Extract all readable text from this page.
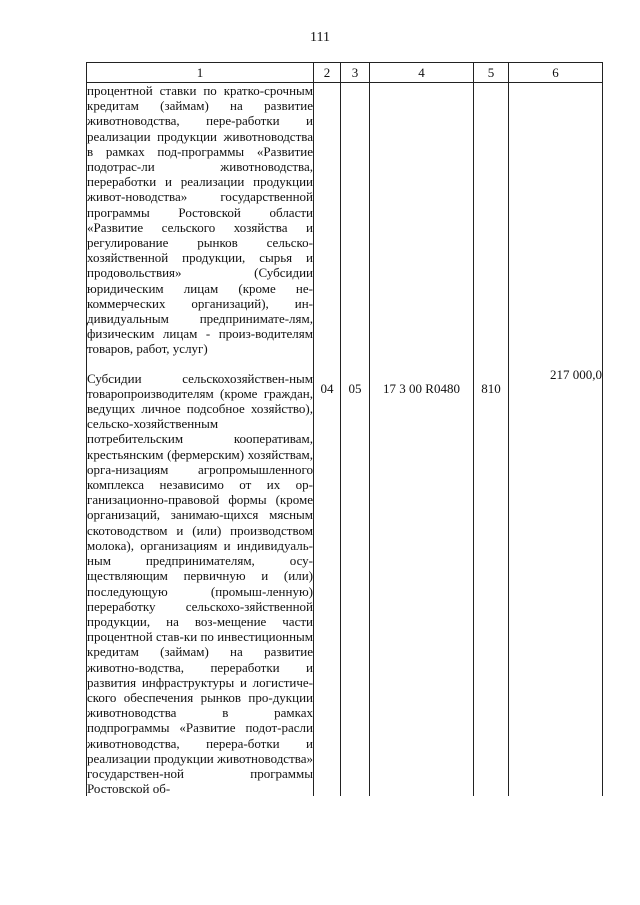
111
1	2	3	4	5	6
процентной ставки по кратко-срочным кредитам (займам) на развитие животноводства, пере-работки и реализации продукции животноводства в рамках под-программы «Развитие подотрас-ли животноводства, переработки и реализации продукции живот-новодства» государственной программы Ростовской области «Развитие сельского хозяйства и регулирование рынков сельско-хозяйственной продукции, сырья и продовольствия» (Субсидии юридическим лицам (кроме не-коммерческих организаций), ин-дивидуальным предпринимате-лям, физическим лицам - произ-водителям товаров, работ, услуг)					
Субсидии сельскохозяйствен-ным товаропроизводителям (кроме граждан, ведущих личное подсобное хозяйство), сельско-хозяйственным потребительским кооперативам, крестьянским (фермерским) хозяйствам, орга-низациям агропромышленного комплекса независимо от их ор-ганизационно-правовой формы (кроме организаций, занимаю-щихся мясным скотоводством и (или) производством молока), организациям и индивидуаль-ным предпринимателям, осу-ществляющим первичную и (или) последующую (промыш-ленную) переработку сельскохо-зяйственной продукции, на воз-мещение части процентной став-ки по инвестиционным кредитам (займам) на развитие животно-водства, переработки и развития инфраструктуры и логистиче-ского обеспечения рынков про-дукции животноводства в рамках подпрограммы «Развитие подот-расли животноводства, перера-ботки и реализации продукции животноводства» государствен-ной программы Ростовской об-	04	05	17 3 00 R0480	810	217 000,0
